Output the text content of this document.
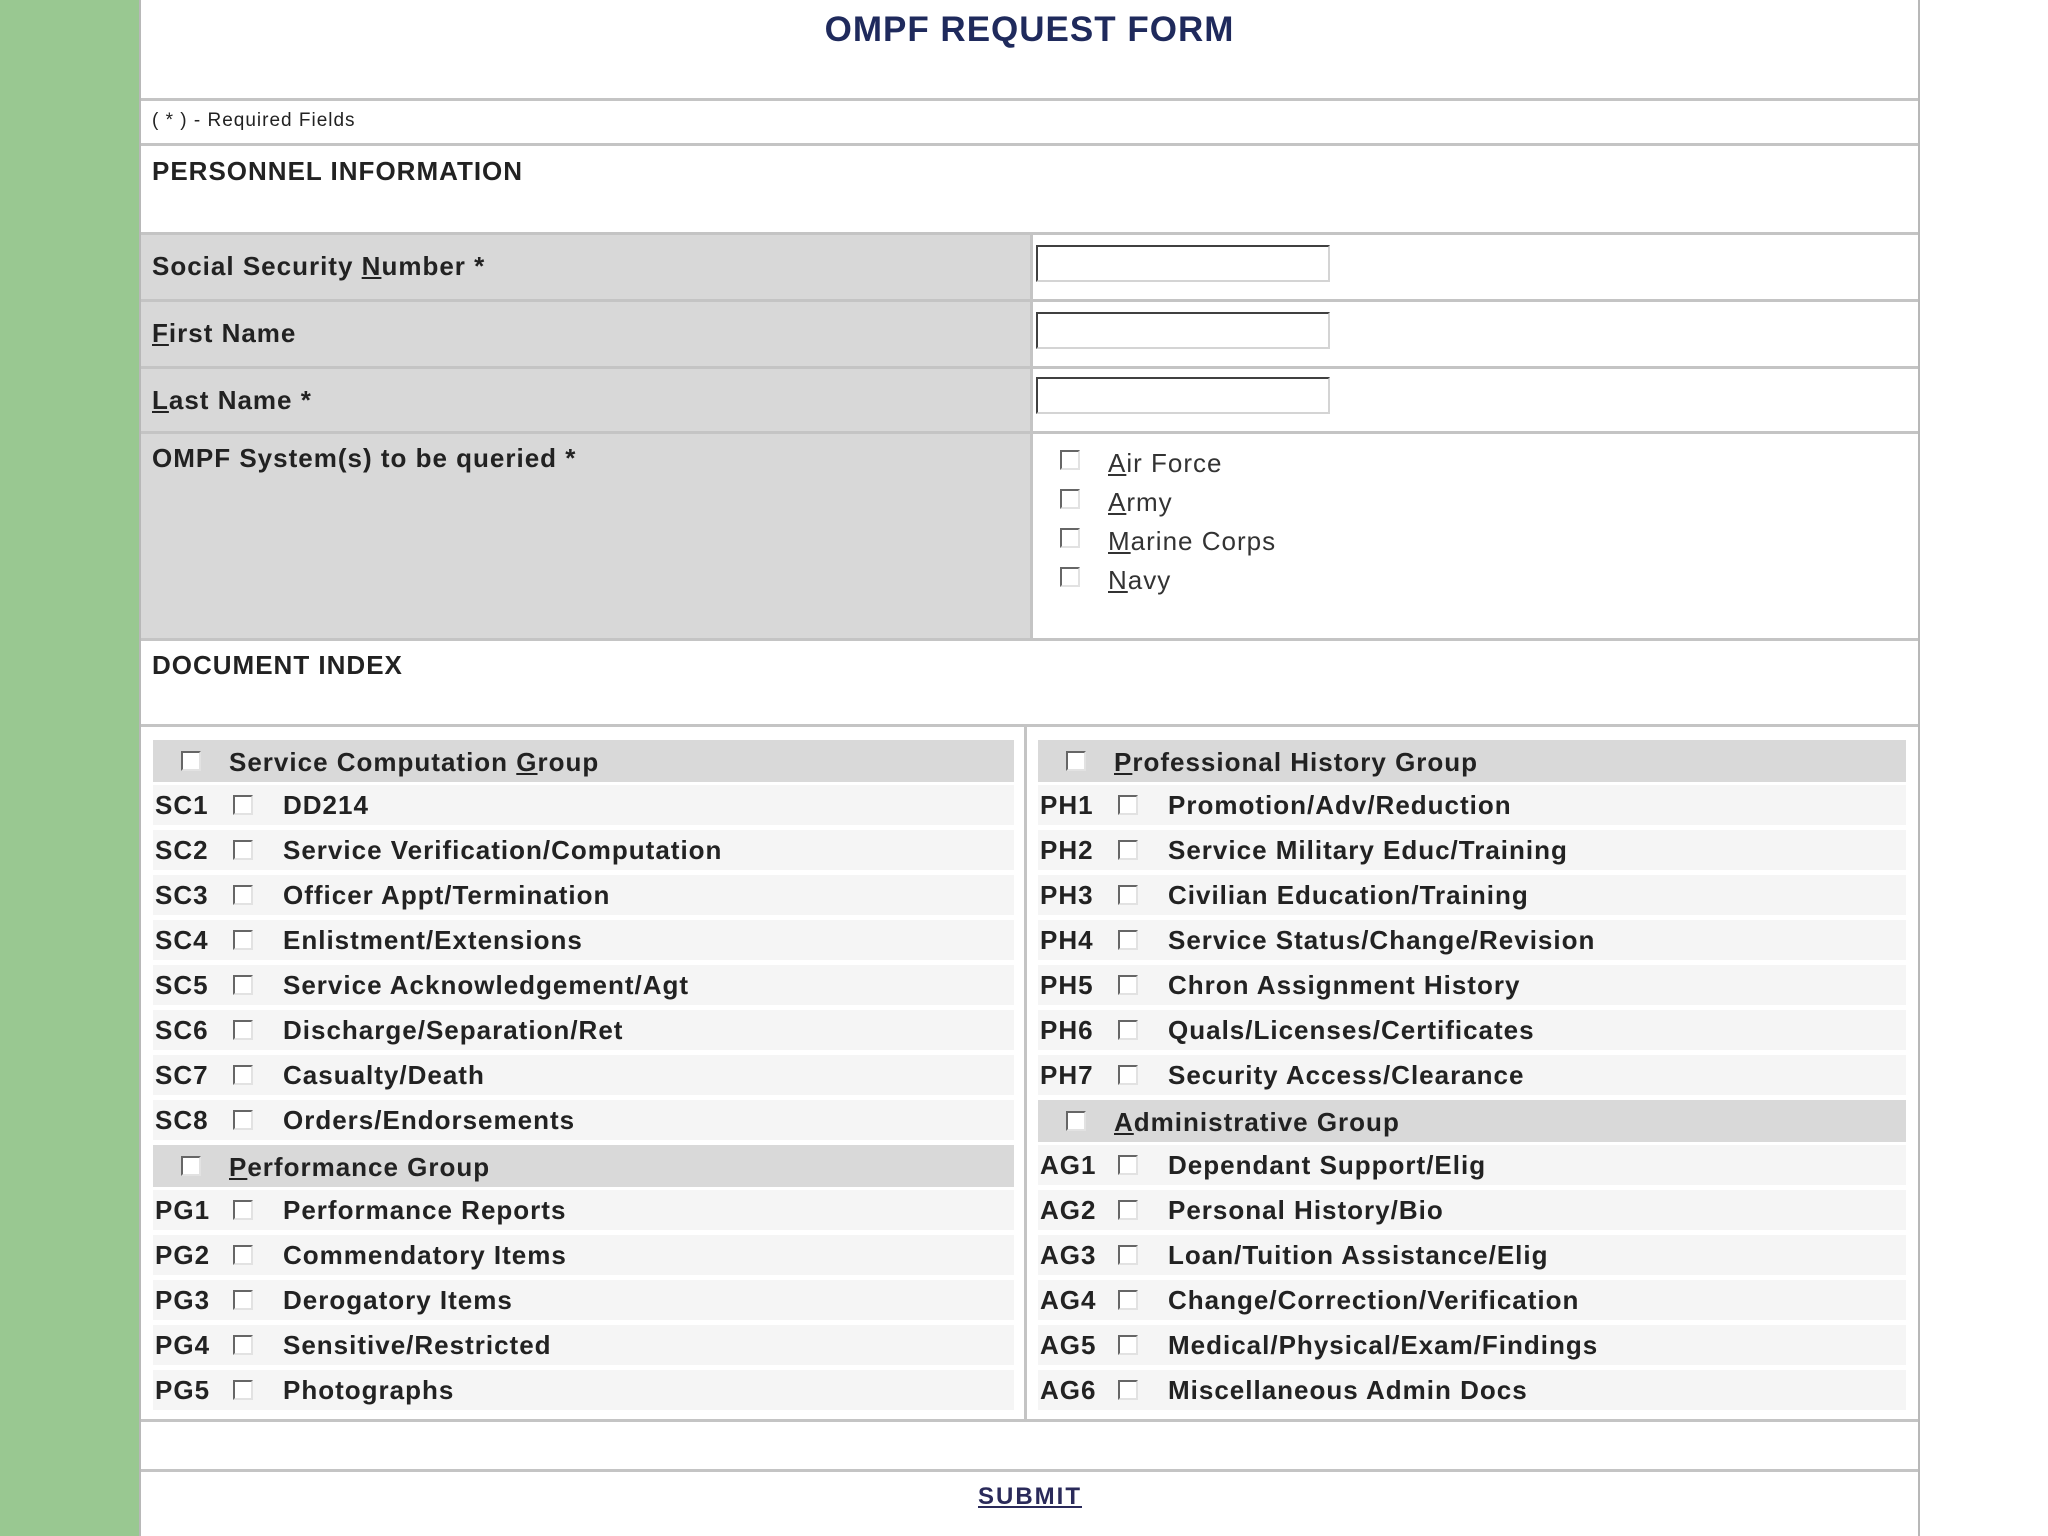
OMPF REQUEST FORM
( * ) - Required Fields
PERSONNEL INFORMATION
Social Security Number *
First Name
Last Name *
OMPF System(s) to be queried *	Air Force
Army
Marine Corps
Navy
DOCUMENT INDEX
Service Computation Group
SC1	DD214
SC2	Service Verification/Computation
SC3	Officer Appt/Termination
SC4	Enlistment/Extensions
SC5	Service Acknowledgement/Agt
SC6	Discharge/Separation/Ret
SC7	Casualty/Death
SC8	Orders/Endorsements
Performance Group
PG1	Performance Reports
PG2	Commendatory Items
PG3	Derogatory Items
PG4	Sensitive/Restricted
PG5	Photographs
Professional History Group
PH1	Promotion/Adv/Reduction
PH2	Service Military Educ/Training
PH3	Civilian Education/Training
PH4	Service Status/Change/Revision
PH5	Chron Assignment History
PH6	Quals/Licenses/Certificates
PH7	Security Access/Clearance
Administrative Group
AG1	Dependant Support/Elig
AG2	Personal History/Bio
AG3	Loan/Tuition Assistance/Elig
AG4	Change/Correction/Verification
AG5	Medical/Physical/Exam/Findings
AG6	Miscellaneous Admin Docs
SUBMIT
